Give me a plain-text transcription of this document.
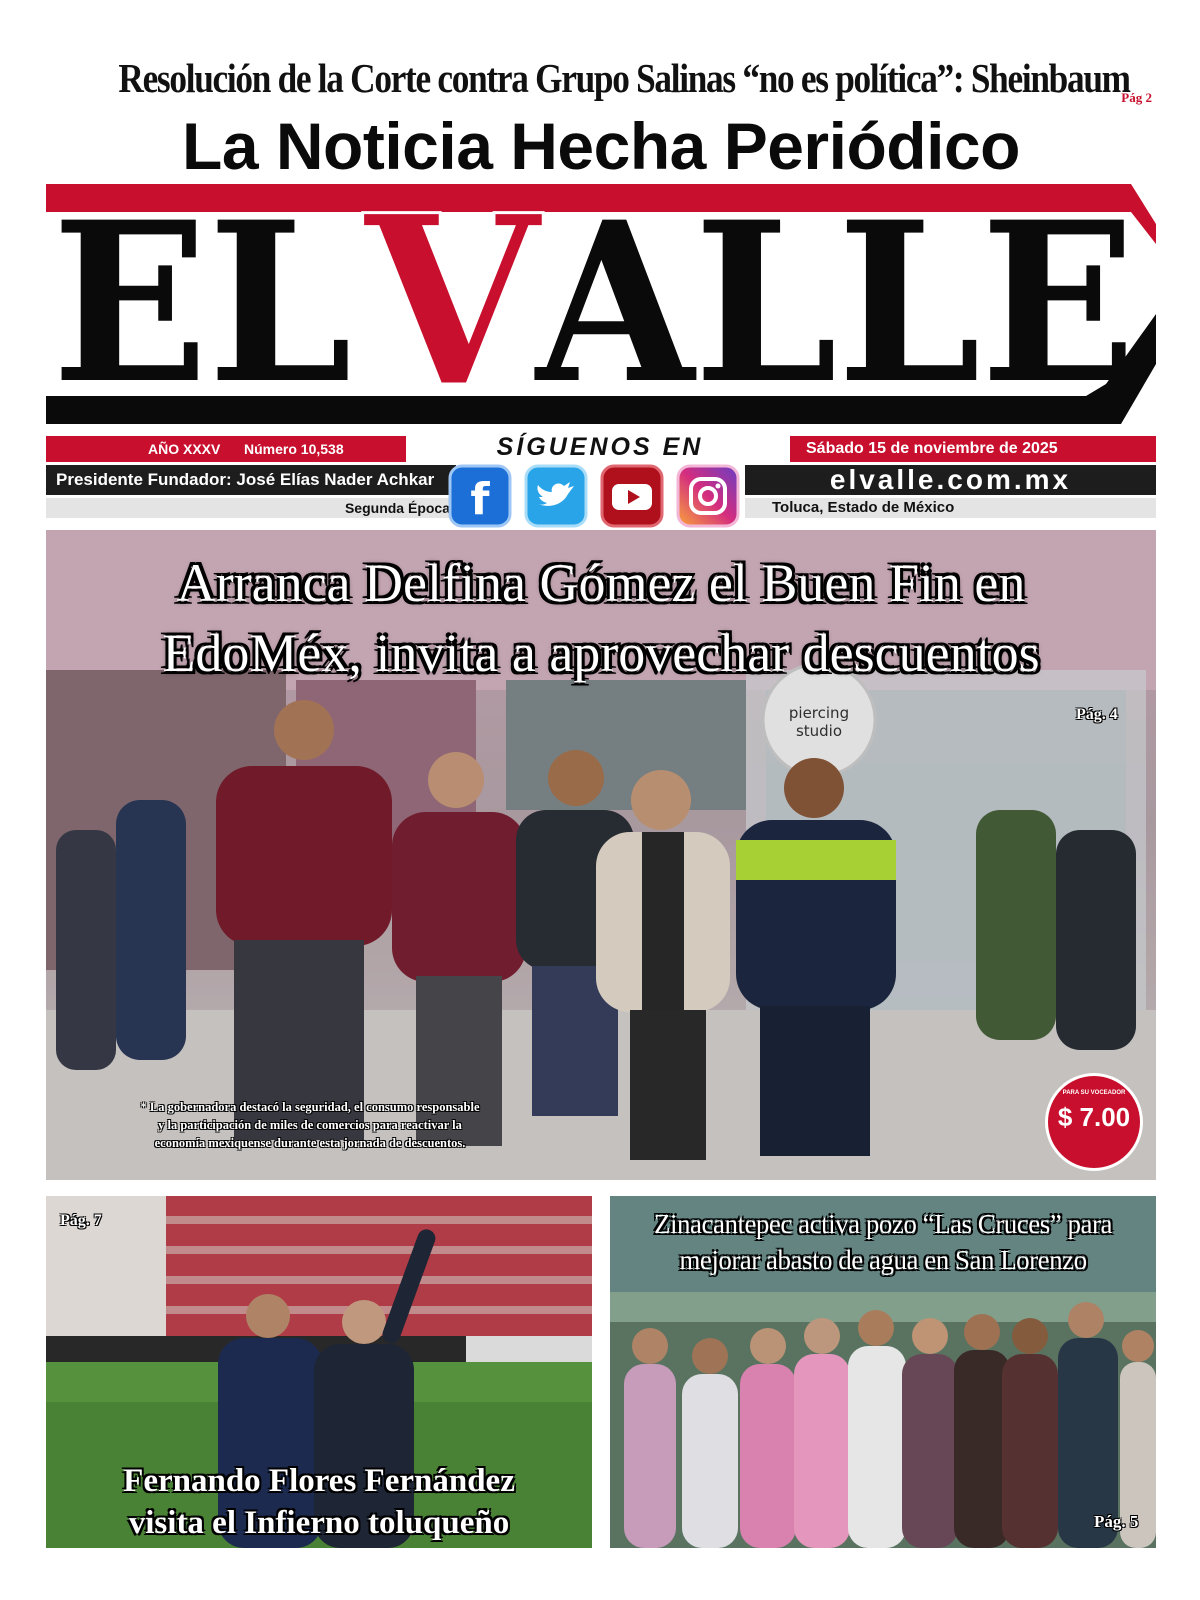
Resolución de la Corte contra Grupo Salinas “no es política”: Sheinbaum
Pág 2
La Noticia Hecha Periódico
EL V
ALLE
AÑO XXXV Número 10,538	SÍGUENOS EN	Sábado 15 de noviembre de 2025
Presidente Fundador: José Elías Nader Achkar	elvalle.com.mx
Segunda Época	Toluca, Estado de México
f
piercing
studio
Arranca Delfina Gómez el Buen Fin en
EdoMéx, invita a aprovechar descuentos
Pág. 4
* La gobernadora destacó la seguridad, el consumo responsable
y la participación de miles de comercios para reactivar la
economía mexiquense durante esta jornada de descuentos.
PARA SU VOCEADOR
$ 7.00
Pág. 7
Fernando Flores Fernández
visita el Infierno toluqueño
Zinacantepec activa pozo “Las Cruces” para
mejorar abasto de agua en San Lorenzo
Pág. 5
